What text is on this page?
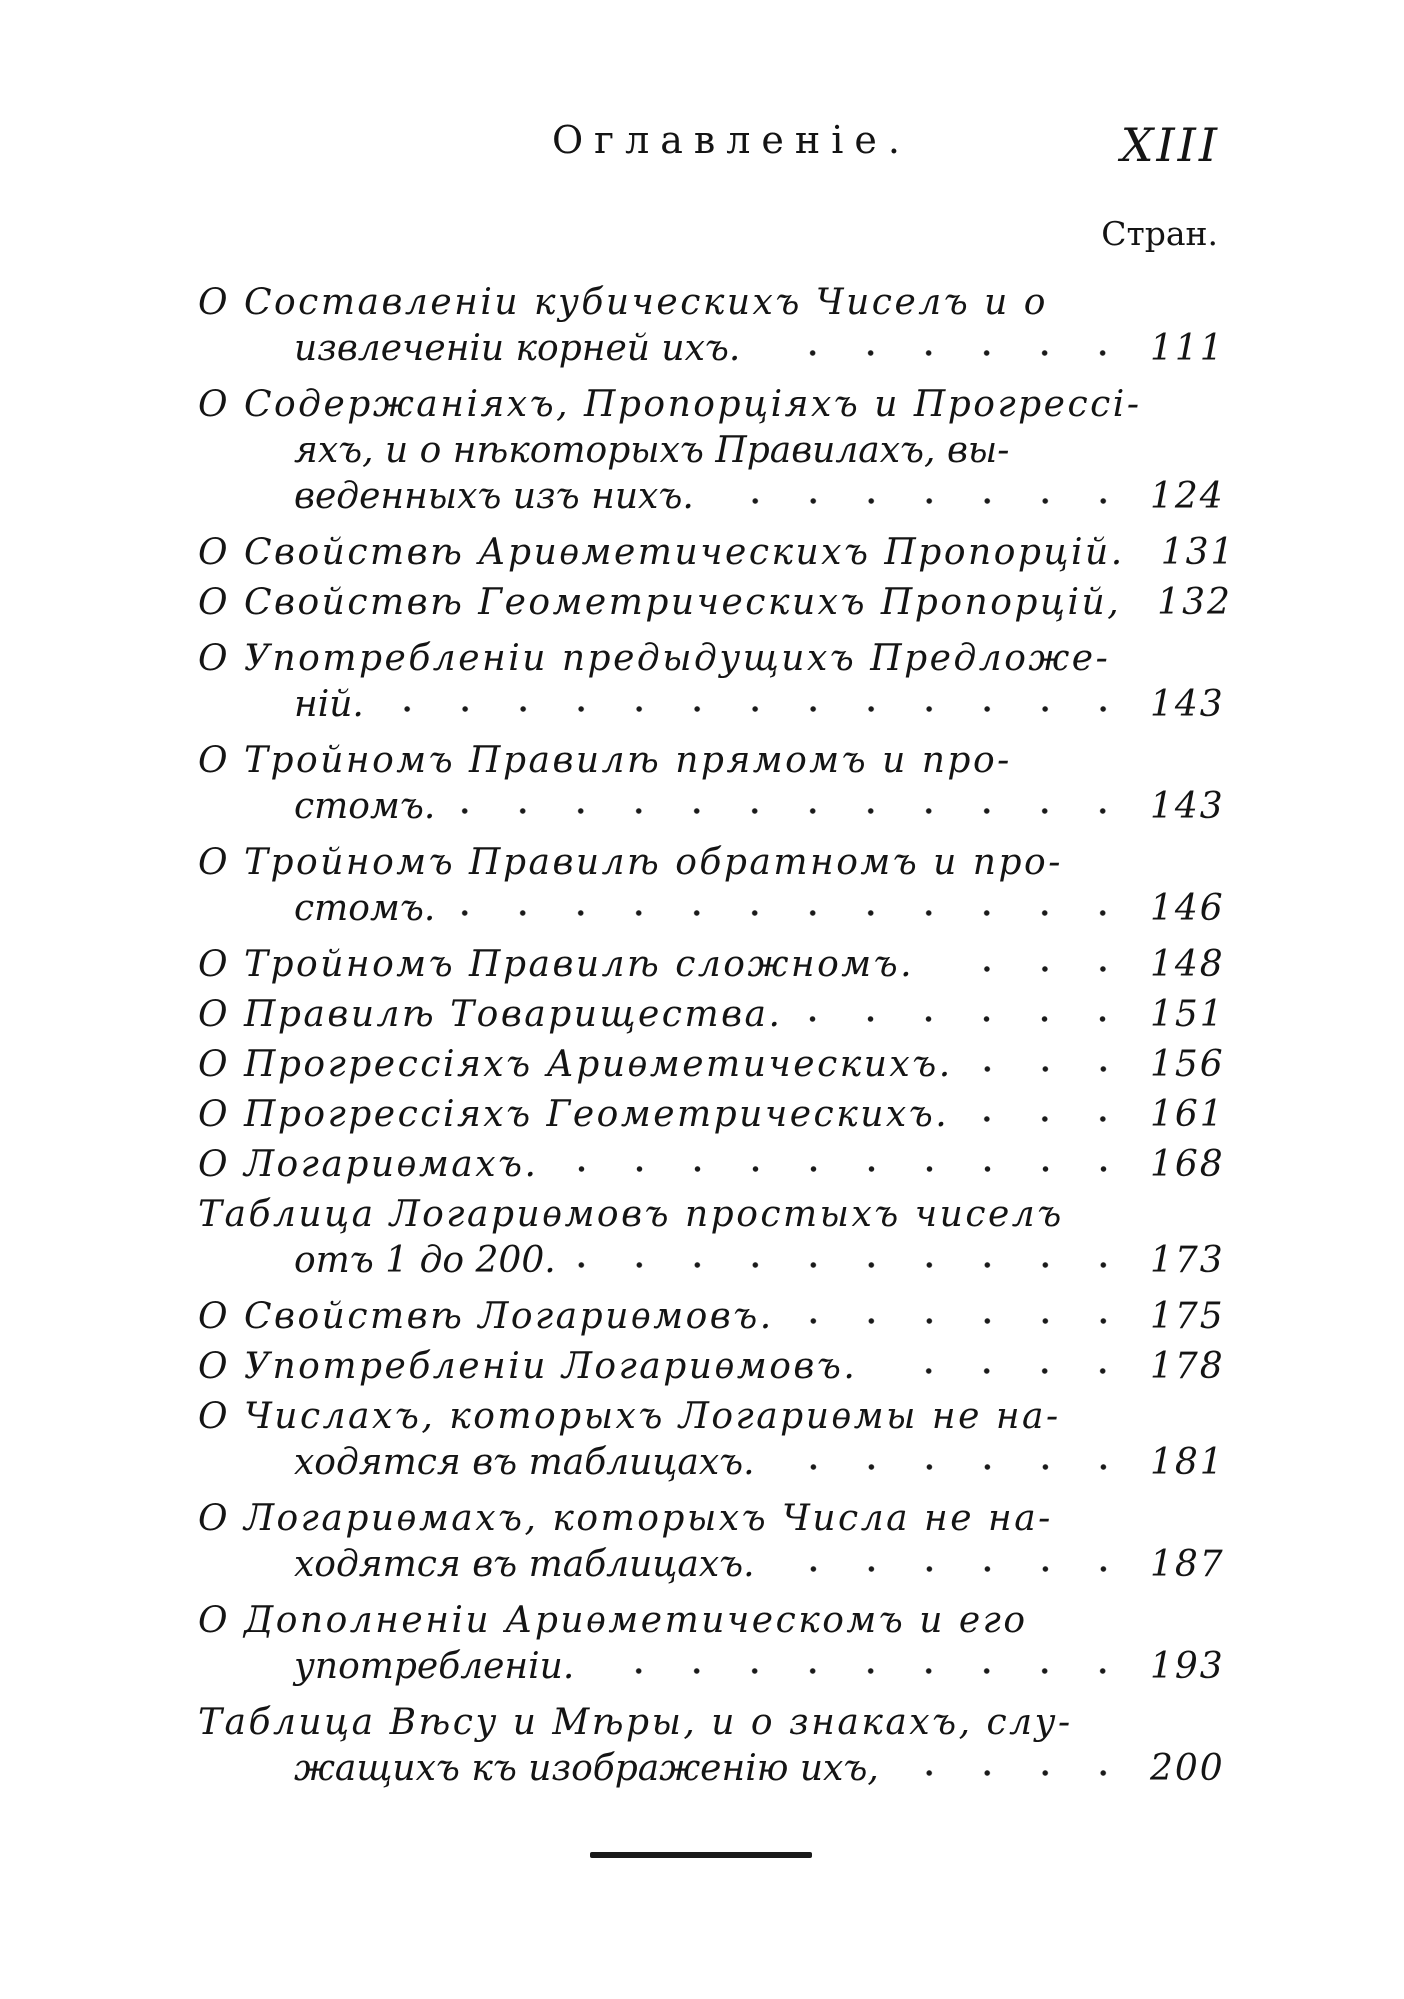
Оглавленіе.	XIII
Стран.
О Составленіи кубическихъ Чиселъ и о
извлеченіи корней ихъ.	111
О Содержаніяхъ, Пропорціяхъ и Прогрессі-
яхъ, и о нѣкоторыхъ Правилахъ, вы-
веденныхъ изъ нихъ.	124
О Свойствѣ Ариѳметическихъ Пропорцій. 131
О Свойствѣ Геометрическихъ Пропорцій, 132
О Употребленіи предыдущихъ Предложе-
ній.	143
О Тройномъ Правилѣ прямомъ и про-
стомъ.	143
О Тройномъ Правилѣ обратномъ и про-
стомъ.	146
О Тройномъ Правилѣ сложномъ.	148
О Правилѣ Товарищества.	151
О Прогрессіяхъ Ариѳметическихъ.	156
О Прогрессіяхъ Геометрическихъ.	161
О Логариѳмахъ.	168
Таблица Логариѳмовъ простыхъ чиселъ
отъ 1 до 200.	173
О Свойствѣ Логариѳмовъ.	175
О Употребленіи Логариѳмовъ.	178
О Числахъ, которыхъ Логариѳмы не на-
ходятся въ таблицахъ.	181
О Логариѳмахъ, которыхъ Числа не на-
ходятся въ таблицахъ.	187
О Дополненіи Ариѳметическомъ и его
употребленіи.	193
Таблица Вѣсу и Мѣры, и о знакахъ, слу-
жащихъ къ изображенію ихъ,	200
